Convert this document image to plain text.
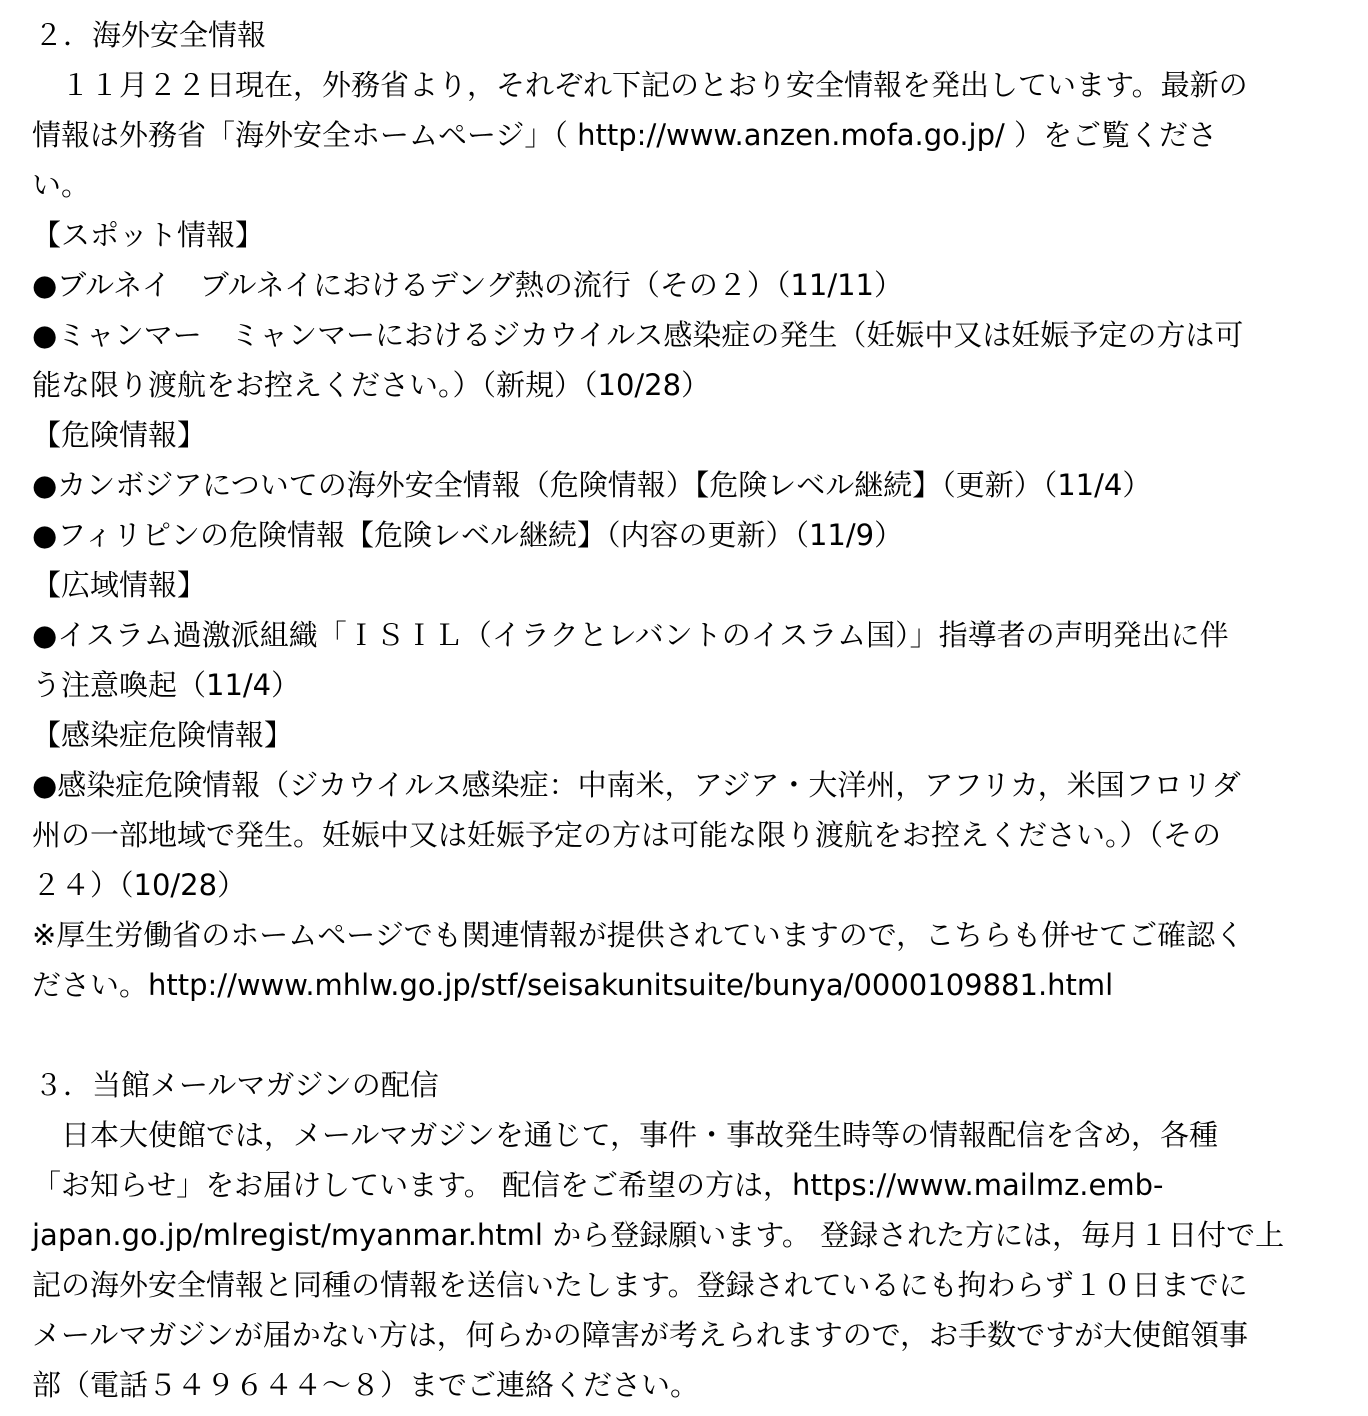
２．海外安全情報
　１１月２２日現在，外務省より，それぞれ下記のとおり安全情報を発出しています。最新の
情報は外務省「海外安全ホームページ」（ http://www.anzen.mofa.go.jp/ ）をご覧くださ
い。
【スポット情報】
●ブルネイ　ブルネイにおけるデング熱の流行（その２）（11/11）
●ミャンマー　ミャンマーにおけるジカウイルス感染症の発生（妊娠中又は妊娠予定の方は可
能な限り渡航をお控えください。）（新規）（10/28）
【危険情報】
●カンボジアについての海外安全情報（危険情報）【危険レベル継続】（更新）（11/4）
●フィリピンの危険情報【危険レベル継続】（内容の更新）（11/9）
【広域情報】
●イスラム過激派組織「ＩＳＩＬ（イラクとレバントのイスラム国）」指導者の声明発出に伴
う注意喚起（11/4）
【感染症危険情報】
●感染症危険情報（ジカウイルス感染症：中南米，アジア・大洋州，アフリカ，米国フロリダ
州の一部地域で発生。妊娠中又は妊娠予定の方は可能な限り渡航をお控えください。）（その
２４）（10/28）
※厚生労働省のホームページでも関連情報が提供されていますので，こちらも併せてご確認く
ださい。http://www.mhlw.go.jp/stf/seisakunitsuite/bunya/0000109881.html
３．当館メールマガジンの配信
　日本大使館では，メールマガジンを通じて，事件・事故発生時等の情報配信を含め，各種
「お知らせ」をお届けしています。 配信をご希望の方は，https://www.mailmz.emb-
japan.go.jp/mlregist/myanmar.html から登録願います。 登録された方には，毎月１日付で上
記の海外安全情報と同種の情報を送信いたします。登録されているにも拘わらず１０日までに
メールマガジンが届かない方は，何らかの障害が考えられますので，お手数ですが大使館領事
部（電話５４９６４４～８）までご連絡ください。
